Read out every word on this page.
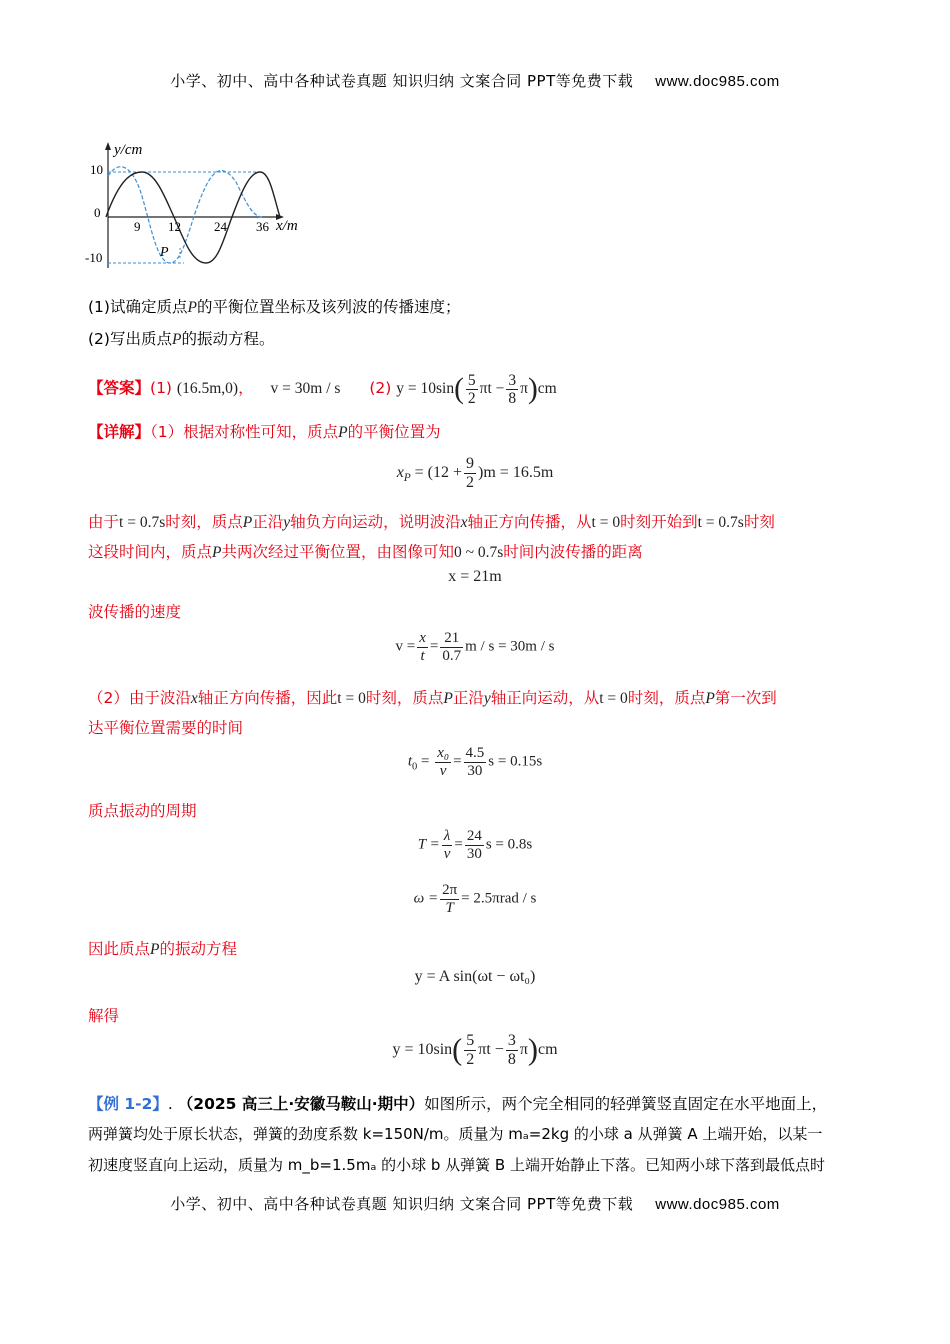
小学、初中、高中各种试卷真题 知识归纳 文案合同 PPT等免费下载 www.doc985.com
y/cm
10
0
-10
9 12	24 36 x/m
P
(1)试确定质点P的平衡位置坐标及该列波的传播速度；
(2)写出质点P的振动方程。
【答案】(1) (16.5m,0)， v = 30m / s (2) $y = 10\sin( \frac{5}{2}$ $\pi t - \frac{3}{8} \pi)cm$
【详解】（1）根据对称性可知，质点P的平衡位置为
$x_P = (12 + \frac{9}{2} )m = 16.5m$
由于t = 0.7s时刻，质点P正沿y轴负方向运动，说明波沿x轴正方向传播，从t = 0时刻开始到t = 0.7s时刻
这段时间内，质点P共两次经过平衡位置，由图像可知0 ~ 0.7s时间内波传播的距离
x = 21m
波传播的速度
$v = \frac{x}{t} = \frac{21}{0.7}$ m / s = 30m / s
（2）由于波沿x轴正方向传播，因此t = 0时刻，质点P正沿y轴正向运动，从t = 0时刻，质点P第一次到
达平衡位置需要的时间
$t_0 = \frac{\text{x₀}}{v} = \frac{4.5}{30}$ s = 0.15s
质点振动的周期
$T = \frac{\lambda}{v} = \frac{24}{30}$ s = 0.8s
$\omega = \frac{2\pi}{T} = 2.5\pi rad / s$
因此质点P的振动方程
y = A sin(ωt − ωt₀)
解得
$y = 10\sin( \frac{5}{2}$ $\pi t - \frac{3}{8} \pi)cm$
【例 1-2】. （2025 高三上·安徽马鞍山·期中）如图所示，两个完全相同的轻弹簧竖直固定在水平地面上，
两弹簧均处于原长状态，弹簧的劲度系数 k=150N/m。质量为 mₐ=2kg 的小球 a 从弹簧 A 上端开始，以某一
初速度竖直向上运动，质量为 m_b=1.5mₐ 的小球 b 从弹簧 B 上端开始静止下落。已知两小球下落到最低点时
小学、初中、高中各种试卷真题 知识归纳 文案合同 PPT等免费下载 www.doc985.com
